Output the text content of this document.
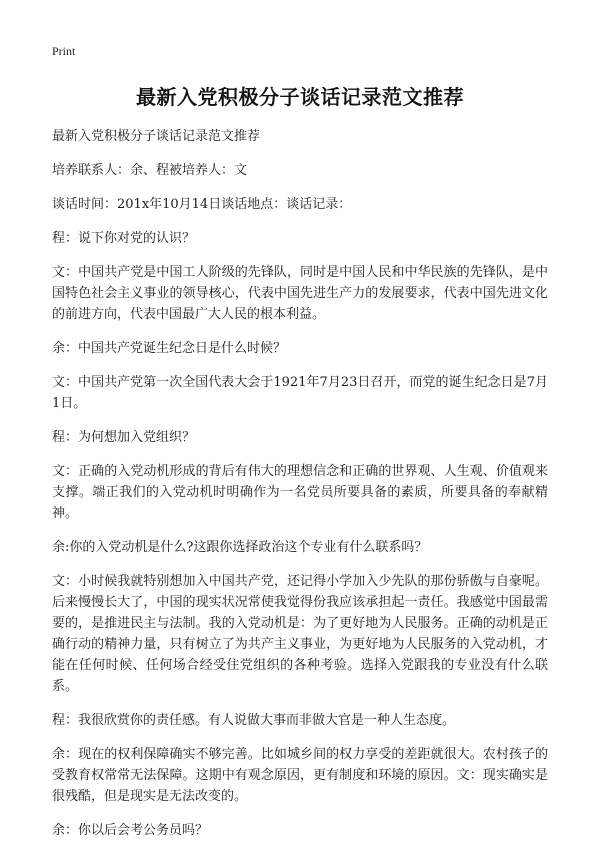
Print
最新入党积极分子谈话记录范文推荐

最新入党积极分子谈话记录范文推荐

培养联系人：余、程被培养人：文

谈话时间：201x年10月14日谈话地点：谈话记录：

程：说下你对党的认识？

文：中国共产党是中国工人阶级的先锋队，同时是中国人民和中华民族的先锋队，是中国特色社会主义事业的领导核心，代表中国先进生产力的发展要求，代表中国先进文化的前进方向，代表中国最广大人民的根本利益。

余：中国共产党诞生纪念日是什么时候？

文：中国共产党第一次全国代表大会于1921年7月23日召开，而党的诞生纪念日是7月1日。

程：为何想加入党组织？

文：正确的入党动机形成的背后有伟大的理想信念和正确的世界观、人生观、价值观来支撑。端正我们的入党动机时明确作为一名党员所要具备的素质，所要具备的奉献精神。

余:你的入党动机是什么?这跟你选择政治这个专业有什么联系吗？

文：小时候我就特别想加入中国共产党，还记得小学加入少先队的那份骄傲与自豪呢。后来慢慢长大了，中国的现实状况常使我觉得份我应该承担起一责任。我感觉中国最需要的，是推进民主与法制。我的入党动机是：为了更好地为人民服务。正确的动机是正确行动的精神力量，只有树立了为共产主义事业，为更好地为人民服务的入党动机，才能在任何时候、任何场合经受住党组织的各种考验。选择入党跟我的专业没有什么联系。

程：我很欣赏你的责任感。有人说做大事而非做大官是一种人生态度。

余：现在的权利保障确实不够完善。比如城乡间的权力享受的差距就很大。农村孩子的受教育权常常无法保障。这期中有观念原因，更有制度和环境的原因。文：现实确实是很残酷，但是现实是无法改变的。

余：你以后会考公务员吗？
